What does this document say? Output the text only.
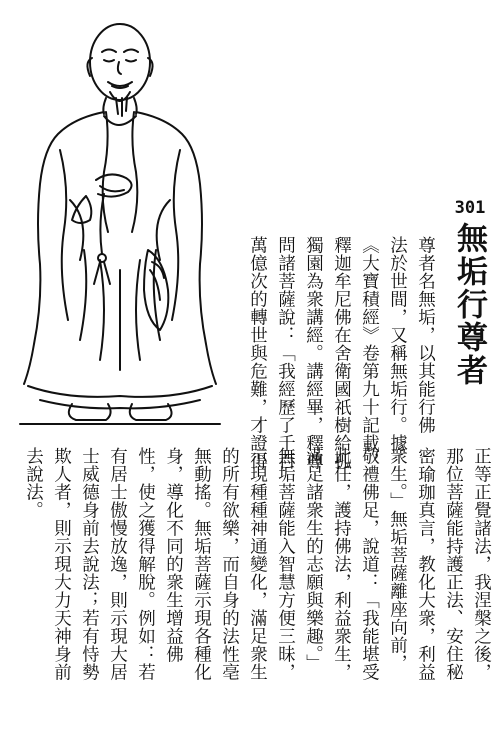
301
無垢行尊者
尊者名無垢，以其能行佛
法於世間，又稱無垢行。據
《大寶積經》卷第九十記載，
釋迦牟尼佛在舍衛國祇樹給孤
獨園為衆講經。講經畢，釋尊
問諸菩薩說：「我經歷了千百
萬億次的轉世與危難，才證得
正等正覺諸法，我涅槃之後，
那位菩薩能持護正法、安住秘
密瑜珈真言，教化大衆，利益
衆生。」無垢菩薩離座向前，
敬禮佛足，說道：「我能堪受
此任，護持佛法，利益衆生，
滿足諸衆生的志願與樂趣。」
無垢菩薩能入智慧方便三昧，
示現種種神通變化，滿足衆生
的所有欲樂，而自身的法性亳
無動搖。無垢菩薩示現各種化
身，導化不同的衆生增益佛
性，使之獲得解脫。例如：若
有居士傲慢放逸，則示現大居
士威德身前去說法；若有恃勢
欺人者，則示現大力天神身前
去說法。
